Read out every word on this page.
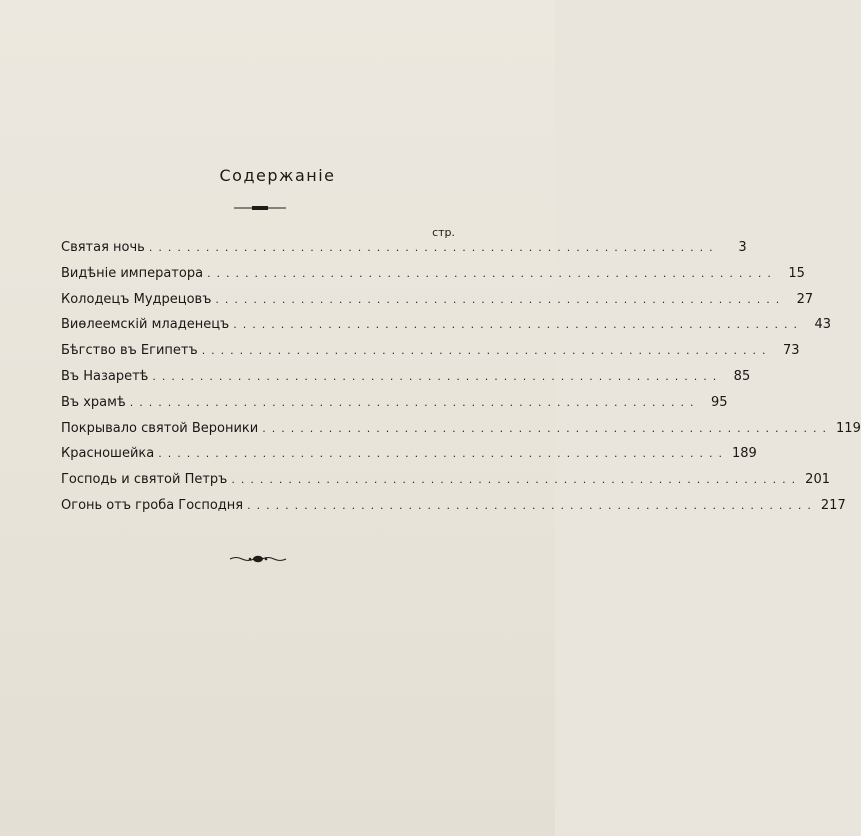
Содержанiе
стр.
Святая ночь ............................................................	3
Видѣнiе императора ............................................................ 15
Колодецъ Мудрецовъ ............................................................ 27
Виѳлеемскiй младенецъ ............................................................ 43
Бѣгство въ Египетъ ............................................................ 73
Въ Назаретѣ ............................................................ 85
Въ храмѣ ............................................................ 95
Покрывало святой Вероники ............................................................ 119
Красношейка ............................................................ 189
Господь и святой Петръ ............................................................ 201
Огонь отъ гроба Господня ............................................................ 217
